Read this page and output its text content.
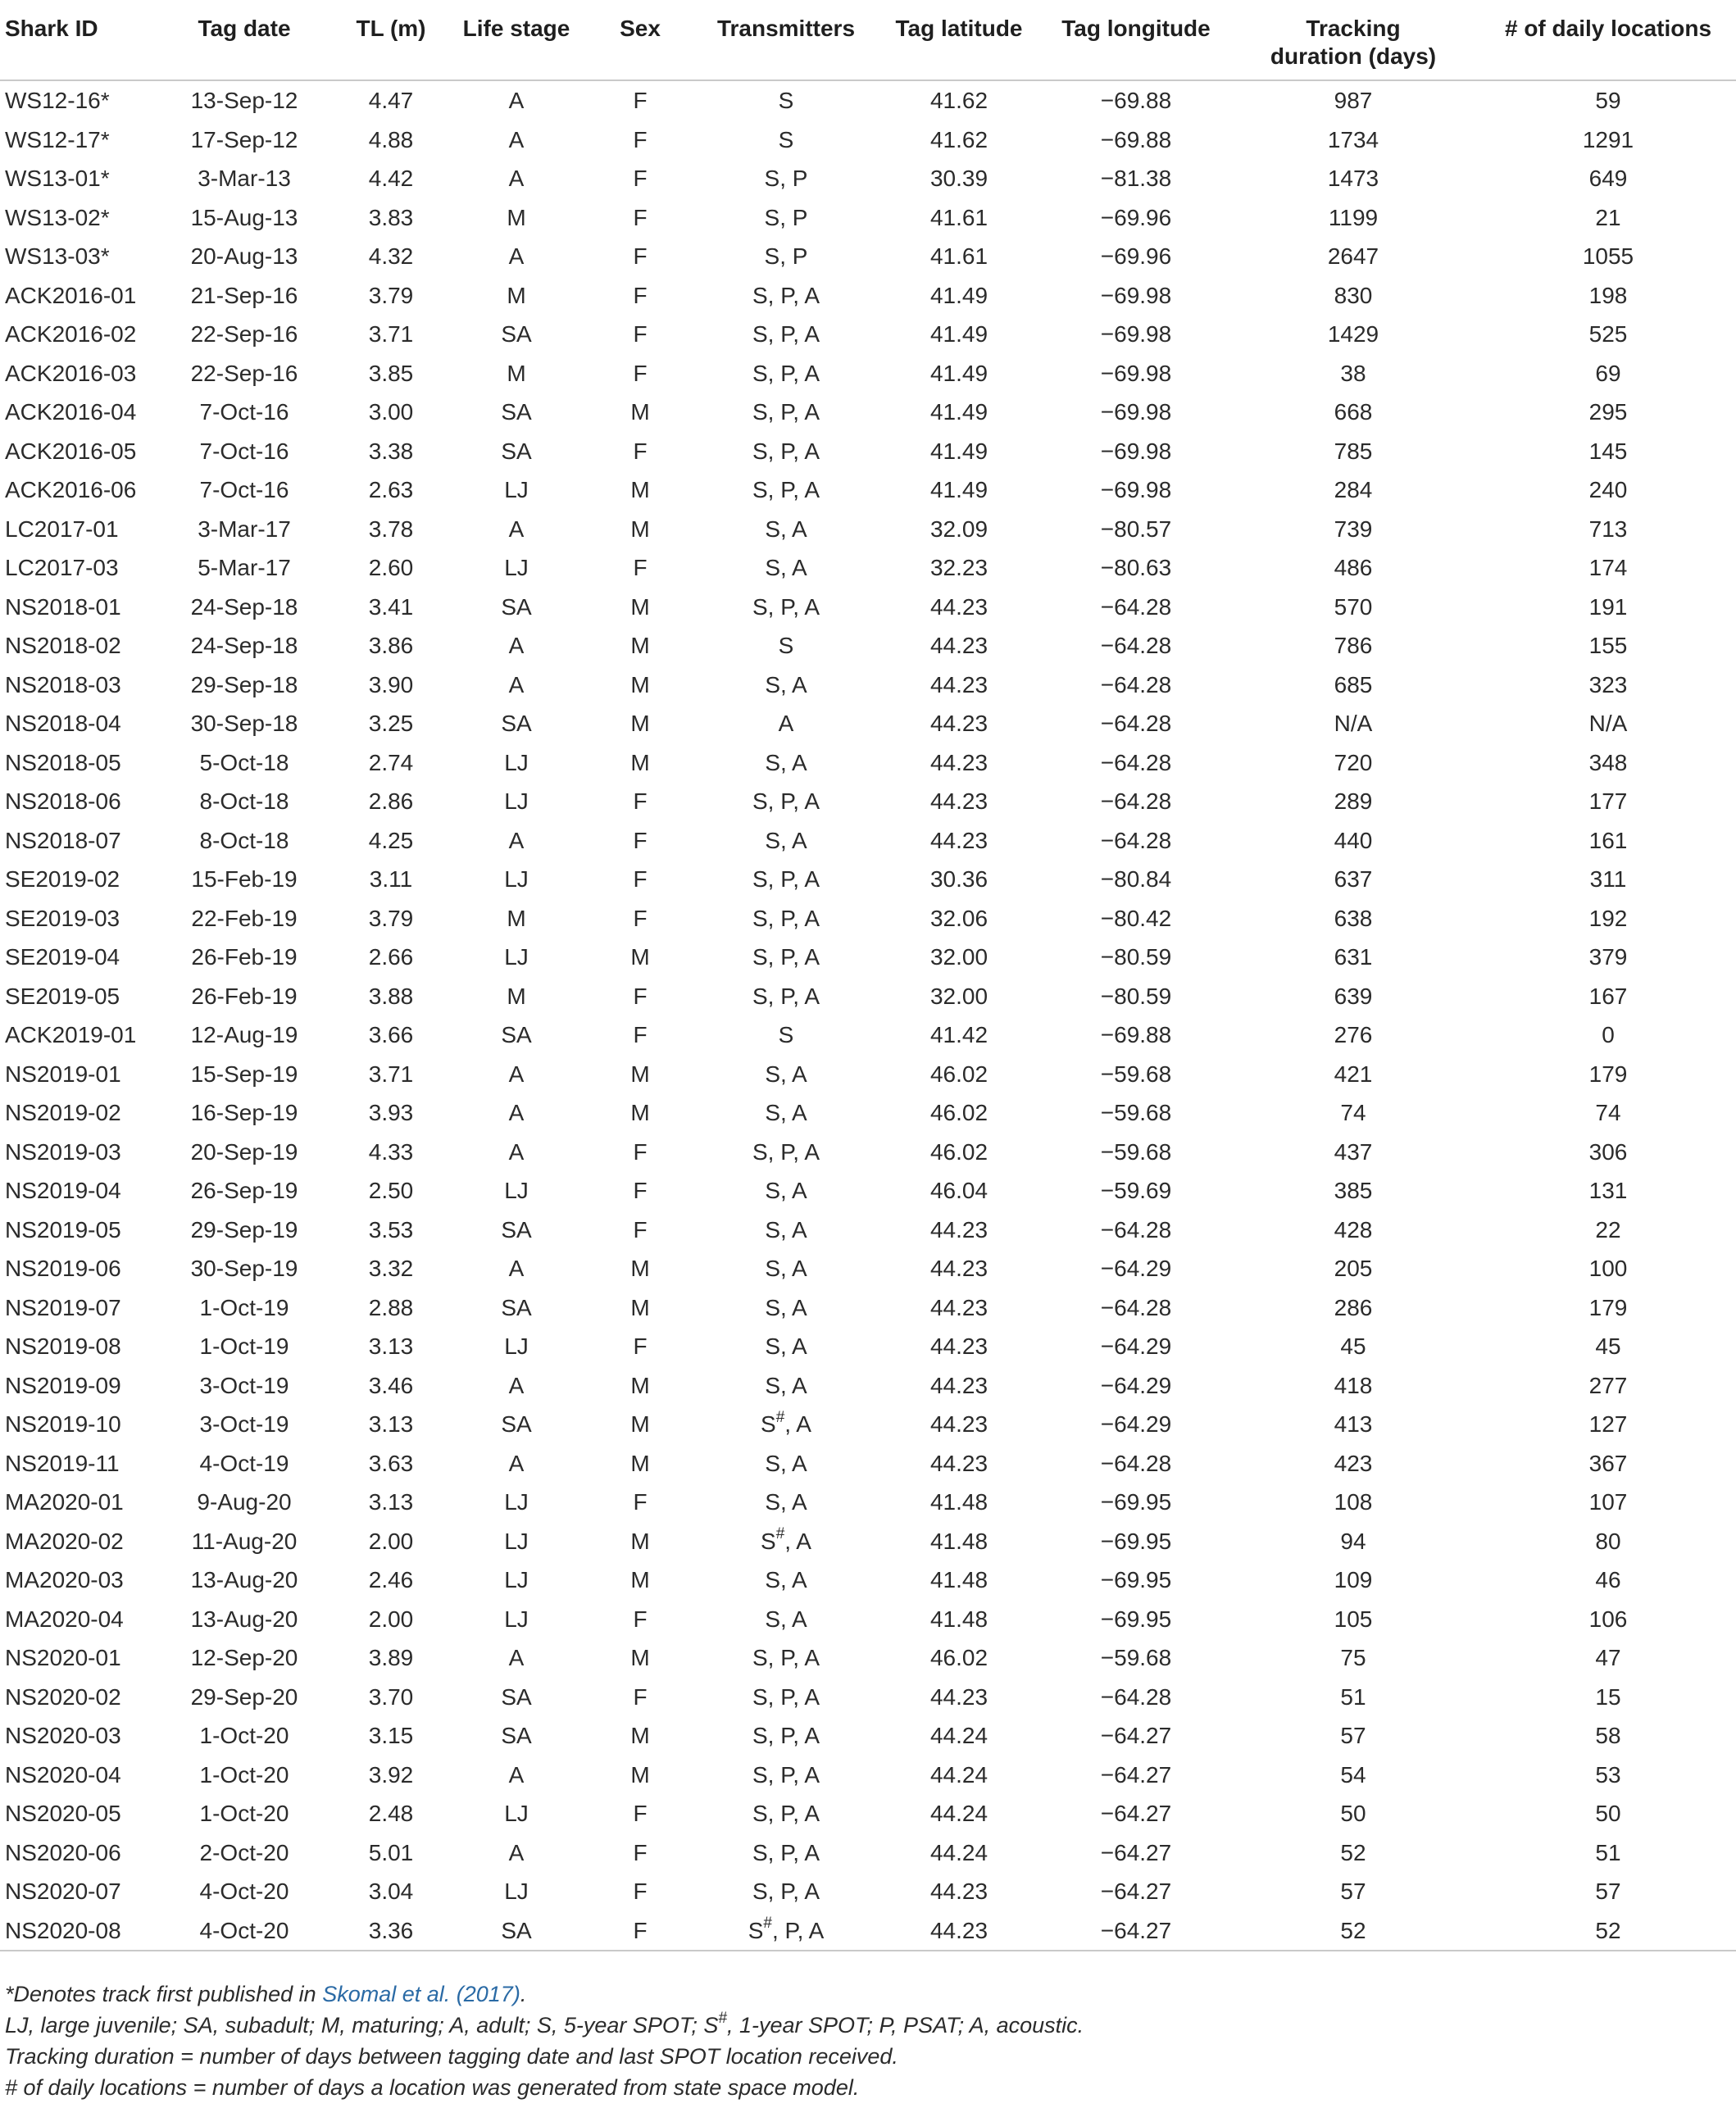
Shark ID	Tag date	TL (m)	Life stage	Sex	Transmitters	Tag latitude	Tag longitude	Tracking duration (days)	# of daily locations
WS12-16*	13-Sep-12	4.47	A	F	S	41.62	−69.88	987	59
WS12-17*	17-Sep-12	4.88	A	F	S	41.62	−69.88	1734	1291
WS13-01*	3-Mar-13	4.42	A	F	S, P	30.39	−81.38	1473	649
WS13-02*	15-Aug-13	3.83	M	F	S, P	41.61	−69.96	1199	21
WS13-03*	20-Aug-13	4.32	A	F	S, P	41.61	−69.96	2647	1055
ACK2016-01	21-Sep-16	3.79	M	F	S, P, A	41.49	−69.98	830	198
ACK2016-02	22-Sep-16	3.71	SA	F	S, P, A	41.49	−69.98	1429	525
ACK2016-03	22-Sep-16	3.85	M	F	S, P, A	41.49	−69.98	38	69
ACK2016-04	7-Oct-16	3.00	SA	M	S, P, A	41.49	−69.98	668	295
ACK2016-05	7-Oct-16	3.38	SA	F	S, P, A	41.49	−69.98	785	145
ACK2016-06	7-Oct-16	2.63	LJ	M	S, P, A	41.49	−69.98	284	240
LC2017-01	3-Mar-17	3.78	A	M	S, A	32.09	−80.57	739	713
LC2017-03	5-Mar-17	2.60	LJ	F	S, A	32.23	−80.63	486	174
NS2018-01	24-Sep-18	3.41	SA	M	S, P, A	44.23	−64.28	570	191
NS2018-02	24-Sep-18	3.86	A	M	S	44.23	−64.28	786	155
NS2018-03	29-Sep-18	3.90	A	M	S, A	44.23	−64.28	685	323
NS2018-04	30-Sep-18	3.25	SA	M	A	44.23	−64.28	N/A	N/A
NS2018-05	5-Oct-18	2.74	LJ	M	S, A	44.23	−64.28	720	348
NS2018-06	8-Oct-18	2.86	LJ	F	S, P, A	44.23	−64.28	289	177
NS2018-07	8-Oct-18	4.25	A	F	S, A	44.23	−64.28	440	161
SE2019-02	15-Feb-19	3.11	LJ	F	S, P, A	30.36	−80.84	637	311
SE2019-03	22-Feb-19	3.79	M	F	S, P, A	32.06	−80.42	638	192
SE2019-04	26-Feb-19	2.66	LJ	M	S, P, A	32.00	−80.59	631	379
SE2019-05	26-Feb-19	3.88	M	F	S, P, A	32.00	−80.59	639	167
ACK2019-01	12-Aug-19	3.66	SA	F	S	41.42	−69.88	276	0
NS2019-01	15-Sep-19	3.71	A	M	S, A	46.02	−59.68	421	179
NS2019-02	16-Sep-19	3.93	A	M	S, A	46.02	−59.68	74	74
NS2019-03	20-Sep-19	4.33	A	F	S, P, A	46.02	−59.68	437	306
NS2019-04	26-Sep-19	2.50	LJ	F	S, A	46.04	−59.69	385	131
NS2019-05	29-Sep-19	3.53	SA	F	S, A	44.23	−64.28	428	22
NS2019-06	30-Sep-19	3.32	A	M	S, A	44.23	−64.29	205	100
NS2019-07	1-Oct-19	2.88	SA	M	S, A	44.23	−64.28	286	179
NS2019-08	1-Oct-19	3.13	LJ	F	S, A	44.23	−64.29	45	45
NS2019-09	3-Oct-19	3.46	A	M	S, A	44.23	−64.29	418	277
NS2019-10	3-Oct-19	3.13	SA	M	S#, A	44.23	−64.29	413	127
NS2019-11	4-Oct-19	3.63	A	M	S, A	44.23	−64.28	423	367
MA2020-01	9-Aug-20	3.13	LJ	F	S, A	41.48	−69.95	108	107
MA2020-02	11-Aug-20	2.00	LJ	M	S#, A	41.48	−69.95	94	80
MA2020-03	13-Aug-20	2.46	LJ	M	S, A	41.48	−69.95	109	46
MA2020-04	13-Aug-20	2.00	LJ	F	S, A	41.48	−69.95	105	106
NS2020-01	12-Sep-20	3.89	A	M	S, P, A	46.02	−59.68	75	47
NS2020-02	29-Sep-20	3.70	SA	F	S, P, A	44.23	−64.28	51	15
NS2020-03	1-Oct-20	3.15	SA	M	S, P, A	44.24	−64.27	57	58
NS2020-04	1-Oct-20	3.92	A	M	S, P, A	44.24	−64.27	54	53
NS2020-05	1-Oct-20	2.48	LJ	F	S, P, A	44.24	−64.27	50	50
NS2020-06	2-Oct-20	5.01	A	F	S, P, A	44.24	−64.27	52	51
NS2020-07	4-Oct-20	3.04	LJ	F	S, P, A	44.23	−64.27	57	57
NS2020-08	4-Oct-20	3.36	SA	F	S#, P, A	44.23	−64.27	52	52
*Denotes track first published in Skomal et al. (2017).
LJ, large juvenile; SA, subadult; M, maturing; A, adult; S, 5-year SPOT; S#, 1-year SPOT; P, PSAT; A, acoustic.
Tracking duration = number of days between tagging date and last SPOT location received.
# of daily locations = number of days a location was generated from state space model.
